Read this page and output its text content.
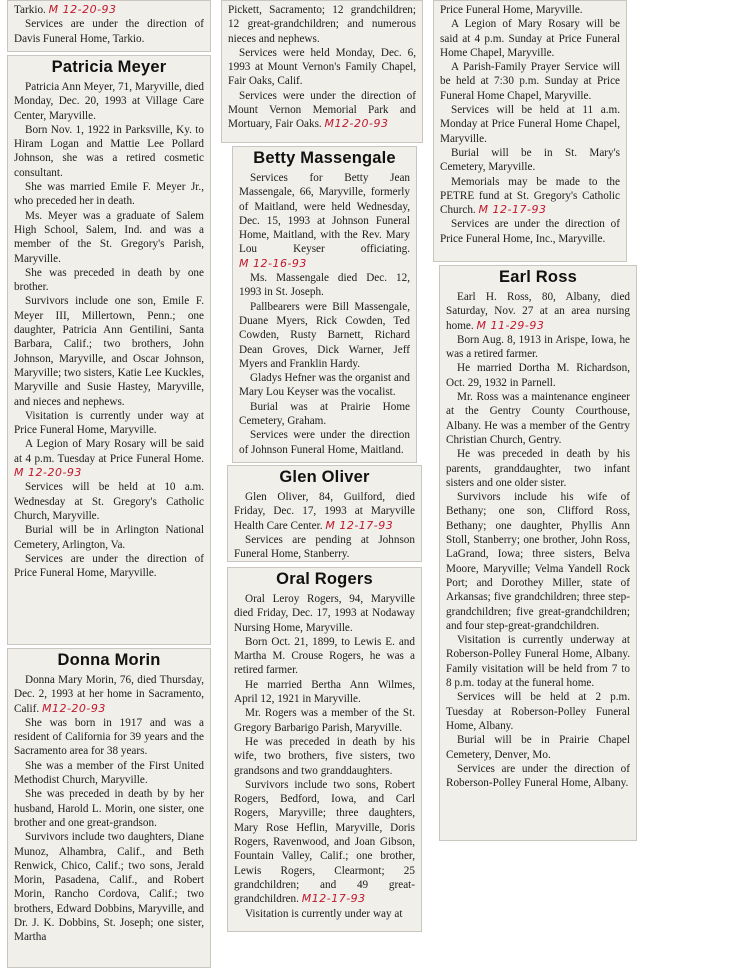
Tarkio. M 12-20-93

Services are under the direction of Davis Funeral Home, Tarkio.

Patricia Meyer

Patricia Ann Meyer, 71, Maryville, died Monday, Dec. 20, 1993 at Village Care Center, Maryville.

Born Nov. 1, 1922 in Parksville, Ky. to Hiram Logan and Mattie Lee Pollard Johnson, she was a retired cosmetic consultant.

She was married Emile F. Meyer Jr., who preceded her in death.

Ms. Meyer was a graduate of Salem High School, Salem, Ind. and was a member of the St. Gregory's Parish, Maryville.

She was preceded in death by one brother.

Survivors include one son, Emile F. Meyer III, Millertown, Penn.; one daughter, Patricia Ann Gentilini, Santa Barbara, Calif.; two brothers, John Johnson, Maryville, and Oscar Johnson, Maryville; two sisters, Katie Lee Kuckles, Maryville and Susie Hastey, Maryville, and nieces and nephews.

Visitation is currently under way at Price Funeral Home, Maryville.

A Legion of Mary Rosary will be said at 4 p.m. Tuesday at Price Funeral Home. M 12-20-93

Services will be held at 10 a.m. Wednesday at St. Gregory's Catholic Church, Maryville.

Burial will be in Arlington National Cemetery, Arlington, Va.

Services are under the direction of Price Funeral Home, Maryville.

Donna Morin

Donna Mary Morin, 76, died Thursday, Dec. 2, 1993 at her home in Sacramento, Calif. M12-20-93

She was born in 1917 and was a resident of California for 39 years and the Sacramento area for 38 years.

She was a member of the First United Methodist Church, Maryville.

She was preceded in death by by her husband, Harold L. Morin, one sister, one brother and one great-grandson.

Survivors include two daughters, Diane Munoz, Alhambra, Calif., and Beth Renwick, Chico, Calif.; two sons, Jerald Morin, Pasadena, Calif., and Robert Morin, Rancho Cordova, Calif.; two brothers, Edward Dobbins, Maryville, and Dr. J. K. Dobbins, St. Joseph; one sister, Martha

Pickett, Sacramento; 12 grandchildren; 12 great-grandchildren; and numerous nieces and nephews.

Services were held Monday, Dec. 6, 1993 at Mount Vernon's Family Chapel, Fair Oaks, Calif.

Services were under the direction of Mount Vernon Memorial Park and Mortuary, Fair Oaks. M12-20-93

Betty Massengale

Services for Betty Jean Massengale, 66, Maryville, formerly of Maitland, were held Wednesday, Dec. 15, 1993 at Johnson Funeral Home, Maitland, with the Rev. Mary Lou Keyser officiating. M 12-16-93

Ms. Massengale died Dec. 12, 1993 in St. Joseph.

Pallbearers were Bill Massengale, Duane Myers, Rick Cowden, Ted Cowden, Rusty Barnett, Richard Dean Groves, Dick Warner, Jeff Myers and Franklin Hardy.

Gladys Hefner was the organist and Mary Lou Keyser was the vocalist.

Burial was at Prairie Home Cemetery, Graham.

Services were under the direction of Johnson Funeral Home, Maitland.

Glen Oliver

Glen Oliver, 84, Guilford, died Friday, Dec. 17, 1993 at Maryville Health Care Center. M 12-17-93

Services are pending at Johnson Funeral Home, Stanberry.

Oral Rogers

Oral Leroy Rogers, 94, Maryville died Friday, Dec. 17, 1993 at Nodaway Nursing Home, Maryville.

Born Oct. 21, 1899, to Lewis E. and Martha M. Crouse Rogers, he was a retired farmer.

He married Bertha Ann Wilmes, April 12, 1921 in Maryville.

Mr. Rogers was a member of the St. Gregory Barbarigo Parish, Maryville.

He was preceded in death by his wife, two brothers, five sisters, two grandsons and two granddaughters.

Survivors include two sons, Robert Rogers, Bedford, Iowa, and Carl Rogers, Maryville; three daughters, Mary Rose Heflin, Maryville, Doris Rogers, Ravenwood, and Joan Gibson, Fountain Valley, Calif.; one brother, Lewis Rogers, Clearmont; 25 grandchildren; and 49 great-grandchildren. M12-17-93

Visitation is currently under way at

Price Funeral Home, Maryville.

A Legion of Mary Rosary will be said at 4 p.m. Sunday at Price Funeral Home Chapel, Maryville.

A Parish-Family Prayer Service will be held at 7:30 p.m. Sunday at Price Funeral Home Chapel, Maryville.

Services will be held at 11 a.m. Monday at Price Funeral Home Chapel, Maryville.

Burial will be in St. Mary's Cemetery, Maryville.

Memorials may be made to the PETRE fund at St. Gregory's Catholic Church. M 12-17-93

Services are under the direction of Price Funeral Home, Inc., Maryville.

Earl Ross

Earl H. Ross, 80, Albany, died Saturday, Nov. 27 at an area nursing home. M 11-29-93

Born Aug. 8, 1913 in Arispe, Iowa, he was a retired farmer.

He married Dortha M. Richardson, Oct. 29, 1932 in Parnell.

Mr. Ross was a maintenance engineer at the Gentry County Courthouse, Albany. He was a member of the Gentry Christian Church, Gentry.

He was preceded in death by his parents, granddaughter, two infant sisters and one older sister.

Survivors include his wife of Bethany; one son, Clifford Ross, Bethany; one daughter, Phyllis Ann Stoll, Stanberry; one brother, John Ross, LaGrand, Iowa; three sisters, Belva Moore, Maryville; Velma Yandell Rock Port; and Dorothey Miller, state of Arkansas; five grandchildren; three step-grandchildren; five great-grandchildren; and four step-great-grandchildren.

Visitation is currently underway at Roberson-Polley Funeral Home, Albany. Family visitation will be held from 7 to 8 p.m. today at the funeral home.

Services will be held at 2 p.m. Tuesday at Roberson-Polley Funeral Home, Albany.

Burial will be in Prairie Chapel Cemetery, Denver, Mo.

Services are under the direction of Roberson-Polley Funeral Home, Albany.
